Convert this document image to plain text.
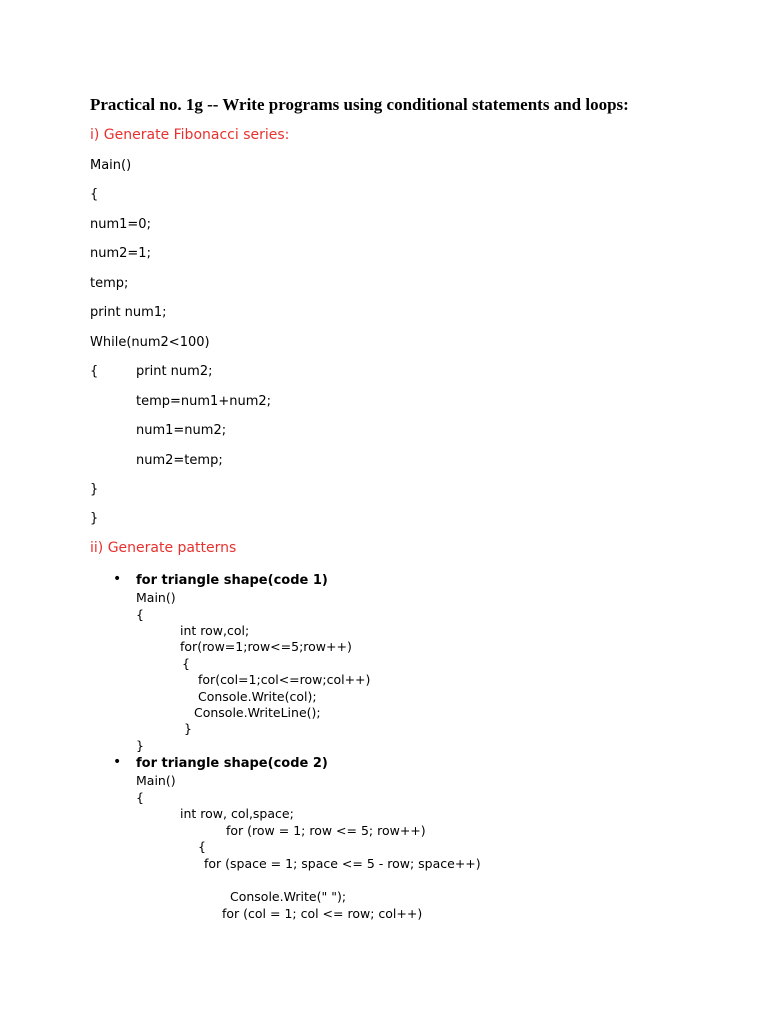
Practical no. 1g -- Write programs using conditional statements and loops:
i) Generate Fibonacci series:
Main()
{
num1=0;
num2=1;
temp;
print num1;
While(num2<100)
{	print num2;
temp=num1+num2;
num1=num2;
num2=temp;
}
}
ii) Generate patterns
• for triangle shape(code 1)
Main()
{
int row,col;
for(row=1;row<=5;row++)
{
for(col=1;col<=row;col++)
Console.Write(col);
Console.WriteLine();
}
}
• for triangle shape(code 2)
Main()
{
int row, col,space;
for (row = 1; row <= 5; row++)
{
for (space = 1; space <= 5 - row; space++)
Console.Write(" ");
for (col = 1; col <= row; col++)
